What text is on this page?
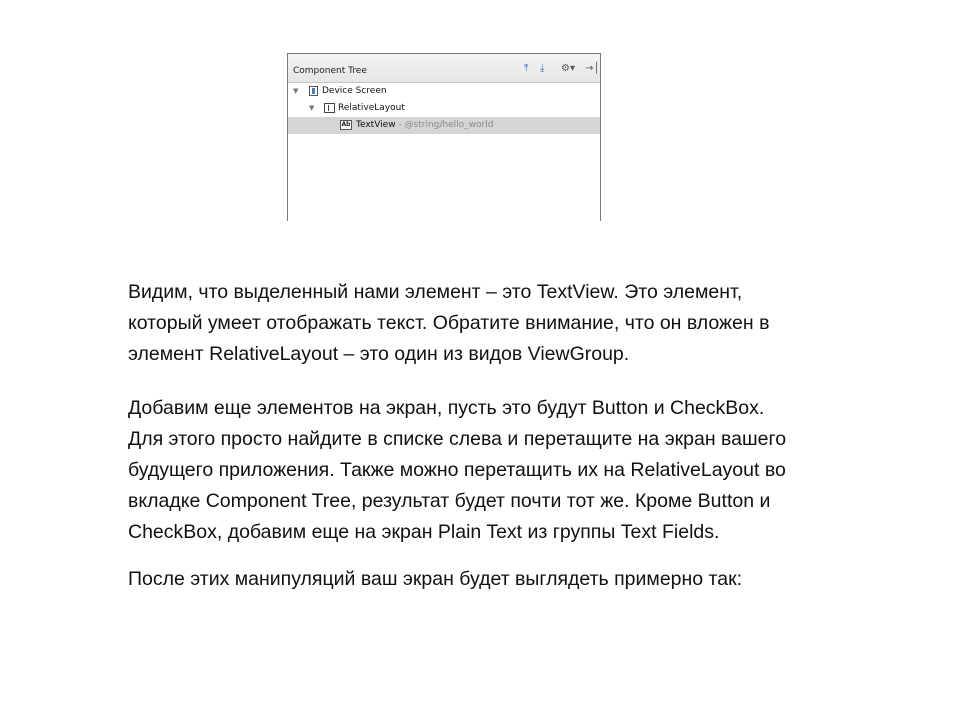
Component Tree	⤒ ⤓ ⚙▾ →│
▼	Device Screen
▼	RelativeLayout
Ab TextView - @string/hello_world

Видим, что выделенный нами элемент – это TextView. Это элемент,
который умеет отображать текст. Обратите внимание, что он вложен в
элемент RelativeLayout – это один из видов ViewGroup.

Добавим еще элементов на экран, пусть это будут Button и CheckBox.
Для этого просто найдите в списке слева и перетащите на экран вашего
будущего приложения. Также можно перетащить их на RelativeLayout во
вкладке Component Tree, результат будет почти тот же. Кроме Button и
CheckBox, добавим еще на экран Plain Text из группы Text Fields.

После этих манипуляций ваш экран будет выглядеть примерно так:
